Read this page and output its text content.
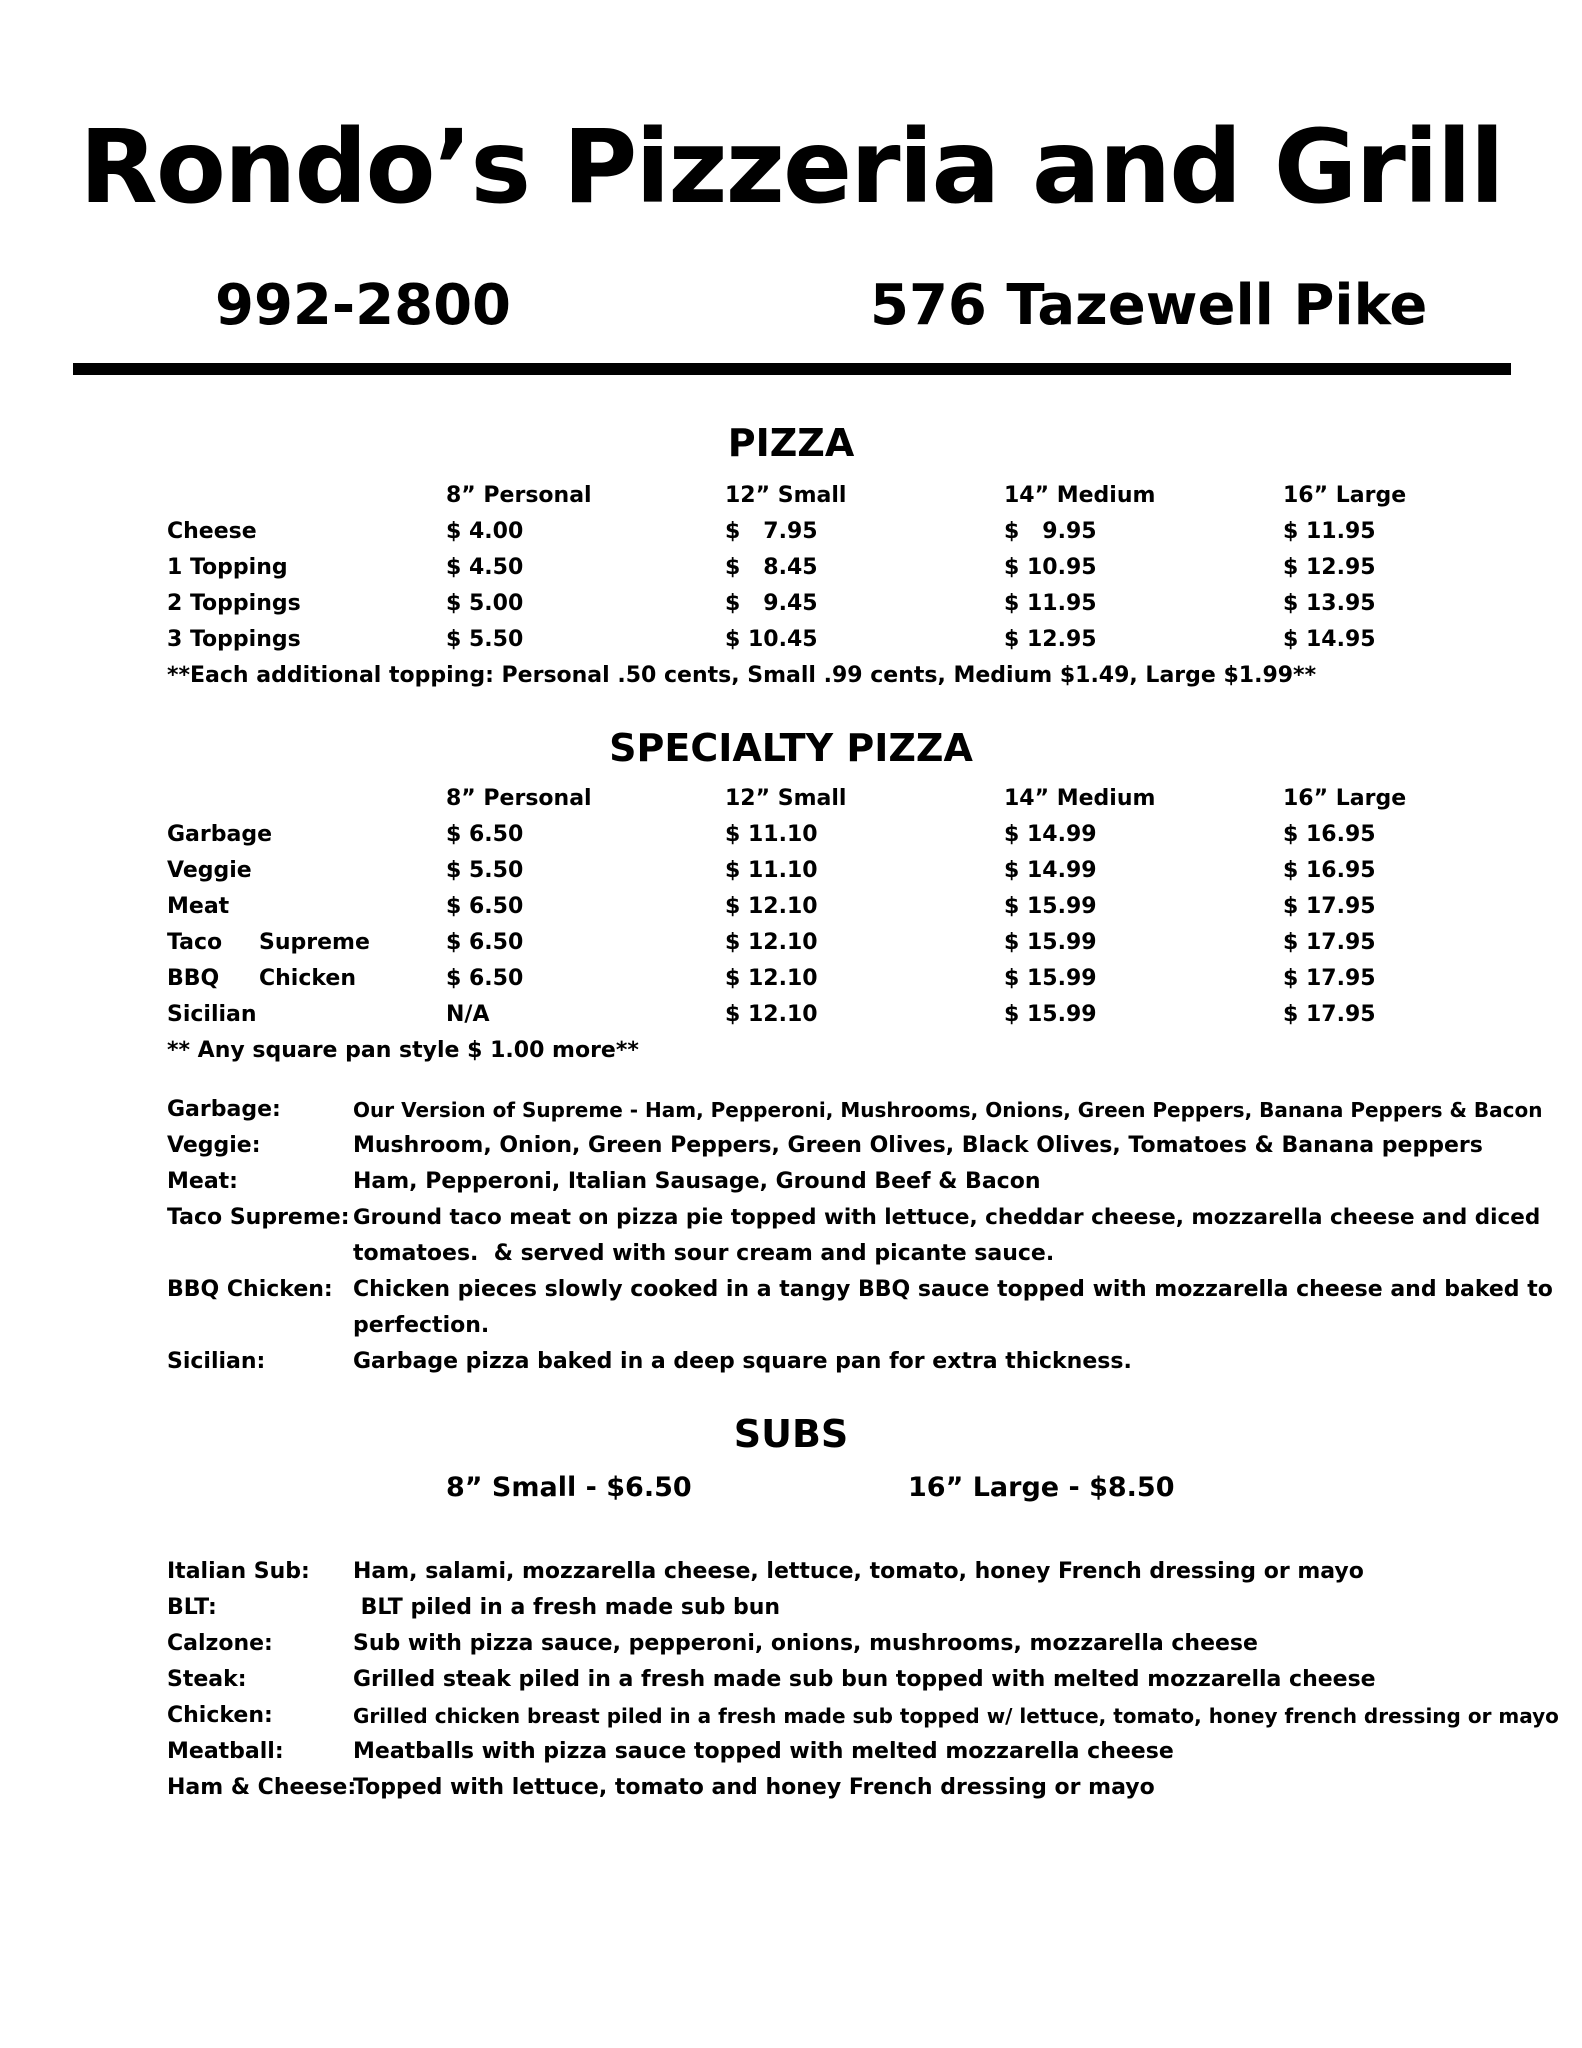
Rondo’s Pizzeria and Grill
992-2800	576 Tazewell Pike
PIZZA
8” Personal	12” Small	14” Medium	16” Large
Cheese	$ 4.00	$   7.95	$   9.95	$ 11.95
1 Topping	$ 4.50	$   8.45	$ 10.95	$ 12.95
2 Toppings	$ 5.00	$   9.45	$ 11.95	$ 13.95
3 Toppings	$ 5.50	$ 10.45	$ 12.95	$ 14.95
**Each additional topping: Personal .50 cents, Small .99 cents, Medium $1.49, Large $1.99**
SPECIALTY PIZZA
8” Personal	12” Small	14” Medium	16” Large
Garbage	$ 6.50	$ 11.10	$ 14.99	$ 16.95
Veggie	$ 5.50	$ 11.10	$ 14.99	$ 16.95
Meat	$ 6.50	$ 12.10	$ 15.99	$ 17.95
Taco Supreme	$ 6.50	$ 12.10	$ 15.99	$ 17.95
BBQ Chicken	$ 6.50	$ 12.10	$ 15.99	$ 17.95
Sicilian	N/A	$ 12.10	$ 15.99	$ 17.95
** Any square pan style $ 1.00 more**
Garbage:	Our Version of Supreme - Ham, Pepperoni, Mushrooms, Onions, Green Peppers, Banana Peppers & Bacon
Veggie:	Mushroom, Onion, Green Peppers, Green Olives, Black Olives, Tomatoes & Banana peppers
Meat:	Ham, Pepperoni, Italian Sausage, Ground Beef & Bacon
Taco Supreme: Ground taco meat on pizza pie topped with lettuce, cheddar cheese, mozzarella cheese and diced
tomatoes.  & served with sour cream and picante sauce.
BBQ Chicken: Chicken pieces slowly cooked in a tangy BBQ sauce topped with mozzarella cheese and baked to
perfection.
Sicilian:	Garbage pizza baked in a deep square pan for extra thickness.
SUBS
8” Small - $6.50	16” Large - $8.50
Italian Sub: Ham, salami, mozzarella cheese, lettuce, tomato, honey French dressing or mayo
BLT:	BLT piled in a fresh made sub bun
Calzone:	Sub with pizza sauce, pepperoni, onions, mushrooms, mozzarella cheese
Steak:	Grilled steak piled in a fresh made sub bun topped with melted mozzarella cheese
Chicken:	Grilled chicken breast piled in a fresh made sub topped w/ lettuce, tomato, honey french dressing or mayo
Meatball:	Meatballs with pizza sauce topped with melted mozzarella cheese
Ham & Cheese:
Topped with lettuce, tomato and honey French dressing or mayo
